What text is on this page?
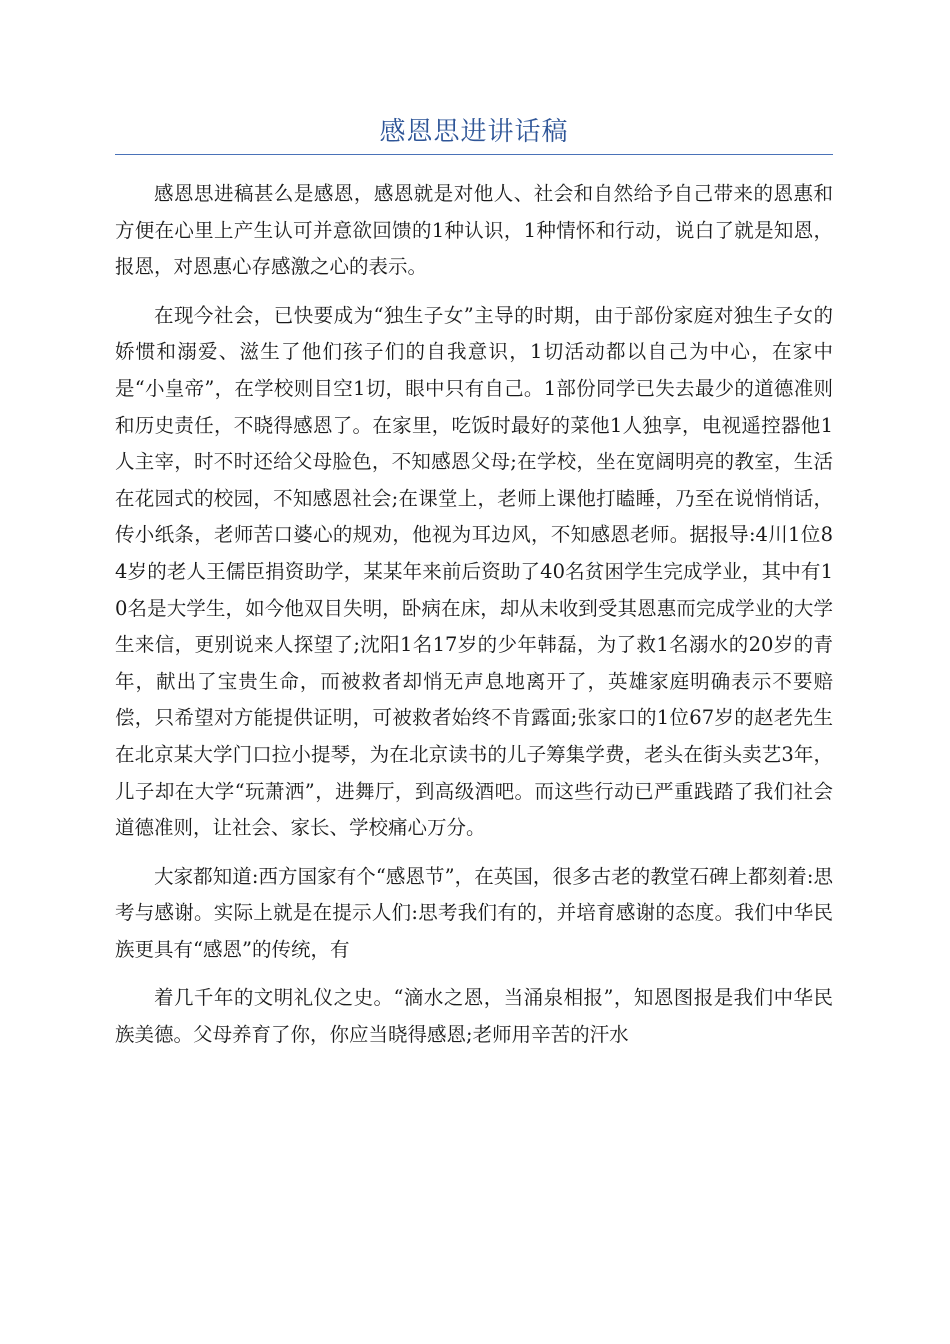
感恩思进讲话稿

感恩思进稿甚么是感恩，感恩就是对他人、社会和自然给予自己带来的恩惠和方便在心里上产生认可并意欲回馈的1种认识，1种情怀和行动，说白了就是知恩，报恩，对恩惠心存感激之心的表示。

在现今社会，已快要成为“独生子女”主导的时期，由于部份家庭对独生子女的娇惯和溺爱、滋生了他们孩子们的自我意识，1切活动都以自己为中心，在家中是“小皇帝”，在学校则目空1切，眼中只有自己。1部份同学已失去最少的道德准则和历史责任，不晓得感恩了。在家里，吃饭时最好的菜他1人独享，电视遥控器他1人主宰，时不时还给父母脸色，不知感恩父母;在学校，坐在宽阔明亮的教室，生活在花园式的校园，不知感恩社会;在课堂上，老师上课他打瞌睡，乃至在说悄悄话，传小纸条，老师苦口婆心的规劝，他视为耳边风，不知感恩老师。据报导:4川1位84岁的老人王儒臣捐资助学，某某年来前后资助了40名贫困学生完成学业，其中有10名是大学生，如今他双目失明，卧病在床，却从未收到受其恩惠而完成学业的大学生来信，更别说来人探望了;沈阳1名17岁的少年韩磊，为了救1名溺水的20岁的青年，献出了宝贵生命，而被救者却悄无声息地离开了，英雄家庭明确表示不要赔偿，只希望对方能提供证明，可被救者始终不肯露面;张家口的1位67岁的赵老先生在北京某大学门口拉小提琴，为在北京读书的儿子筹集学费，老头在街头卖艺3年，儿子却在大学“玩萧洒”，进舞厅，到高级酒吧。而这些行动已严重践踏了我们社会道德准则，让社会、家长、学校痛心万分。

大家都知道:西方国家有个“感恩节”，在英国，很多古老的教堂石碑上都刻着:思考与感谢。实际上就是在提示人们:思考我们有的，并培育感谢的态度。我们中华民族更具有“感恩”的传统，有

着几千年的文明礼仪之史。“滴水之恩，当涌泉相报”，知恩图报是我们中华民族美德。父母养育了你，你应当晓得感恩;老师用辛苦的汗水
